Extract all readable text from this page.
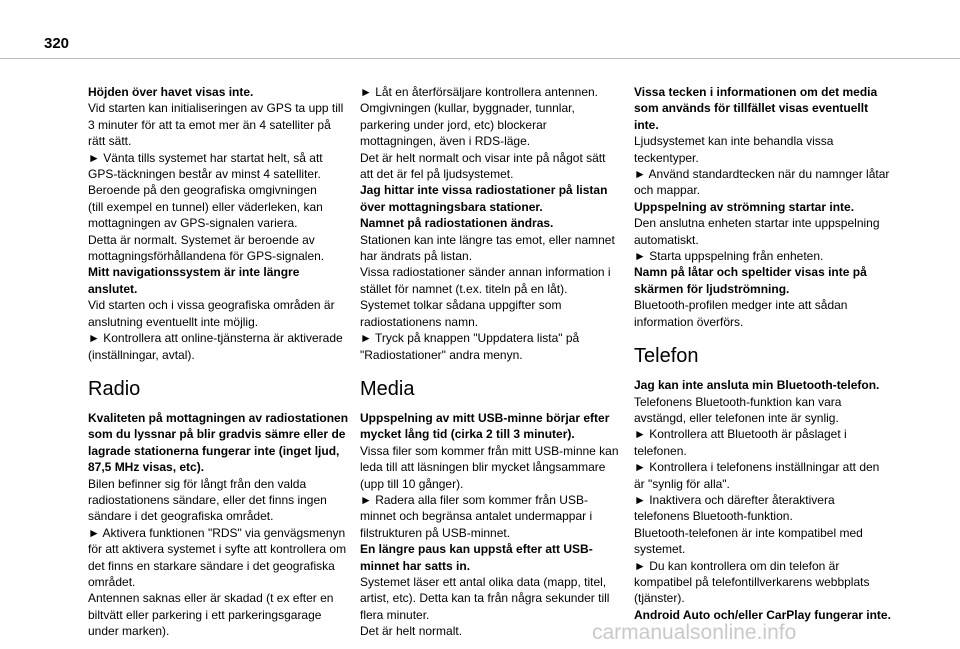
320
Höjden över havet visas inte.
Vid starten kan initialiseringen av GPS ta upp till
3 minuter för att ta emot mer än 4 satelliter på
rätt sätt.
► Vänta tills systemet har startat helt, så att
GPS-täckningen består av minst 4 satelliter.
Beroende på den geografiska omgivningen
(till exempel en tunnel) eller väderleken, kan
mottagningen av GPS-signalen variera.
Detta är normalt. Systemet är beroende av
mottagningsförhållandena för GPS-signalen.
Mitt navigationssystem är inte längre
anslutet.
Vid starten och i vissa geografiska områden är
anslutning eventuellt inte möjlig.
► Kontrollera att online-tjänsterna är aktiverade
(inställningar, avtal).
Radio
Kvaliteten på mottagningen av radiostationen
som du lyssnar på blir gradvis sämre eller de
lagrade stationerna fungerar inte (inget ljud,
87,5 MHz visas, etc).
Bilen befinner sig för långt från den valda
radiostationens sändare, eller det finns ingen
sändare i det geografiska området.
► Aktivera funktionen "RDS" via genvägsmenyn
för att aktivera systemet i syfte att kontrollera om
det finns en starkare sändare i det geografiska
området.
Antennen saknas eller är skadad (t ex efter en
biltvätt eller parkering i ett parkeringsgarage
under marken).
► Låt en återförsäljare kontrollera antennen.
Omgivningen (kullar, byggnader, tunnlar,
parkering under jord, etc) blockerar
mottagningen, även i RDS-läge.
Det är helt normalt och visar inte på något sätt
att det är fel på ljudsystemet.
Jag hittar inte vissa radiostationer på listan
över mottagningsbara stationer.
Namnet på radiostationen ändras.
Stationen kan inte längre tas emot, eller namnet
har ändrats på listan.
Vissa radiostationer sänder annan information i
stället för namnet (t.ex. titeln på en låt).
Systemet tolkar sådana uppgifter som
radiostationens namn.
► Tryck på knappen "Uppdatera lista" på
"Radiostationer" andra menyn.
Media
Uppspelning av mitt USB-minne börjar efter
mycket lång tid (cirka 2 till 3 minuter).
Vissa filer som kommer från mitt USB-minne kan
leda till att läsningen blir mycket långsammare
(upp till 10 gånger).
► Radera alla filer som kommer från USB-
minnet och begränsa antalet undermappar i
filstrukturen på USB-minnet.
En längre paus kan uppstå efter att USB-
minnet har satts in.
Systemet läser ett antal olika data (mapp, titel,
artist, etc). Detta kan ta från några sekunder till
flera minuter.
Det är helt normalt.
Vissa tecken i informationen om det media
som används för tillfället visas eventuellt
inte.
Ljudsystemet kan inte behandla vissa
teckentyper.
► Använd standardtecken när du namnger låtar
och mappar.
Uppspelning av strömning startar inte.
Den anslutna enheten startar inte uppspelning
automatiskt.
► Starta uppspelning från enheten.
Namn på låtar och speltider visas inte på
skärmen för ljudströmning.
Bluetooth-profilen medger inte att sådan
information överförs.
Telefon
Jag kan inte ansluta min Bluetooth-telefon.
Telefonens Bluetooth-funktion kan vara
avstängd, eller telefonen inte är synlig.
► Kontrollera att Bluetooth är påslaget i
telefonen.
► Kontrollera i telefonens inställningar att den
är "synlig för alla".
► Inaktivera och därefter återaktivera
telefonens Bluetooth-funktion.
Bluetooth-telefonen är inte kompatibel med
systemet.
► Du kan kontrollera om din telefon är
kompatibel på telefontillverkarens webbplats
(tjänster).
Android Auto och/eller CarPlay fungerar inte.
carmanualsonline.info
